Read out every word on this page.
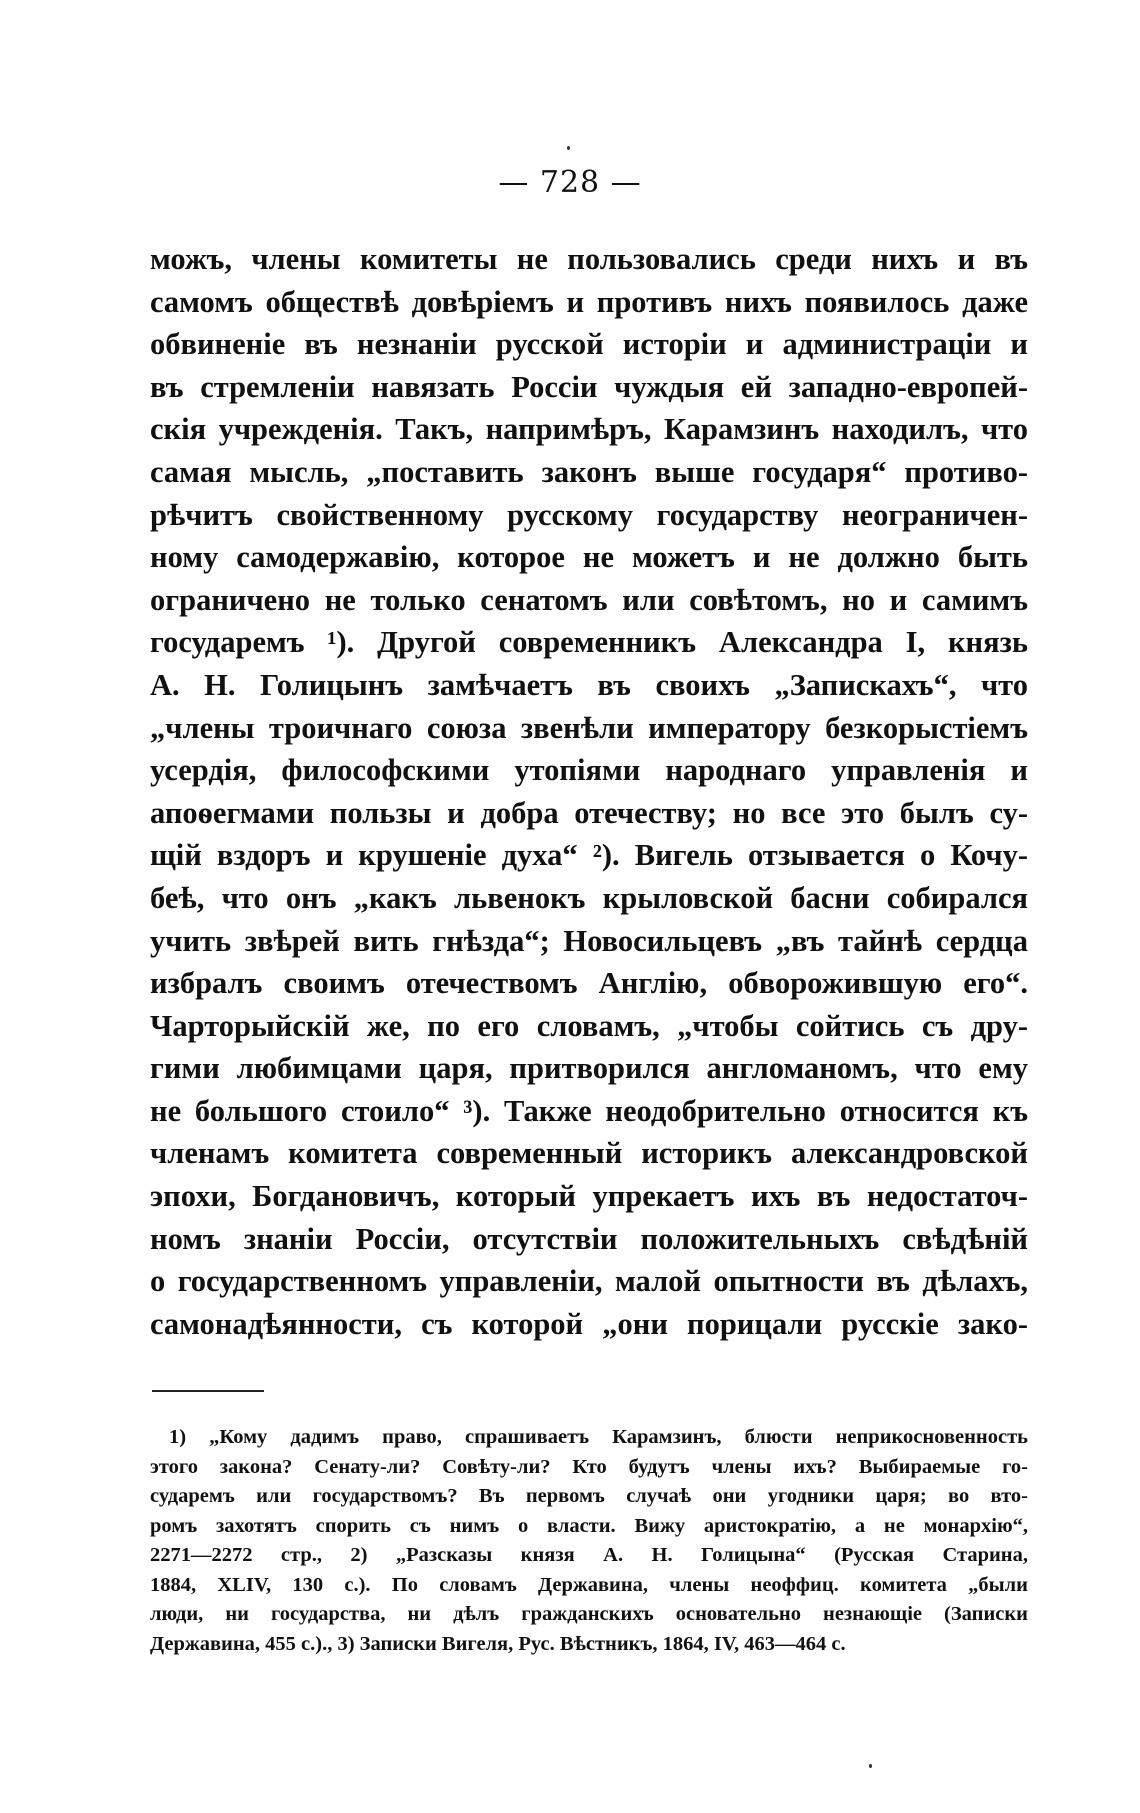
— 728 —
можъ, члены комитеты не пользовались среди нихъ и въ
самомъ обществѣ довѣріемъ и противъ нихъ появилось даже
обвиненіе въ незнаніи русской исторіи и администраціи и
въ стремленіи навязать Россіи чуждыя ей западно-европей-
скія учрежденія. Такъ, напримѣръ, Карамзинъ находилъ, что
самая мысль, „поставить законъ выше государя“ противо-
рѣчитъ свойственному русскому государству неограничен-
ному самодержавію, которое не можетъ и не должно быть
ограничено не только сенатомъ или совѣтомъ, но и самимъ
государемъ ¹). Другой современникъ Александра I, князь
А. Н. Голицынъ замѣчаетъ въ своихъ „Запискахъ“, что
„члены троичнаго союза звенѣли императору безкорыстіемъ
усердія, философскими утопіями народнаго управленія и
апоѳегмами пользы и добра отечеству; но все это былъ су-
щій вздоръ и крушеніе духа“ ²). Вигель отзывается о Кочу-
беѣ, что онъ „какъ львенокъ крыловской басни собирался
учить звѣрей вить гнѣзда“; Новосильцевъ „въ тайнѣ сердца
избралъ своимъ отечествомъ Англію, обворожившую его“.
Чарторыйскій же, по его словамъ, „чтобы сойтись съ дру-
гими любимцами царя, притворился англоманомъ, что ему
не большого стоило“ ³). Также неодобрительно относится къ
членамъ комитета современный историкъ александровской
эпохи, Богдановичъ, который упрекаетъ ихъ въ недостаточ-
номъ знаніи Россіи, отсутствіи положительныхъ свѣдѣній
о государственномъ управленіи, малой опытности въ дѣлахъ,
самонадѣянности, съ которой „они порицали русскіе зако-
1) „Кому дадимъ право, спрашиваетъ Карамзинъ, блюсти неприкосновенность
этого закона? Сенату-ли? Совѣту-ли? Кто будутъ члены ихъ? Выбираемые го-
сударемъ или государствомъ? Въ первомъ случаѣ они угодники царя; во вто-
ромъ захотятъ спорить съ нимъ о власти. Вижу аристократію, а не монархію“,
2271—2272 стр., 2) „Разсказы князя А. Н. Голицына“ (Русская Старина,
1884, XLIV, 130 с.). По словамъ Державина, члены неоффиц. комитета „были
люди, ни государства, ни дѣлъ гражданскихъ основательно незнающіе (Записки
Державина, 455 с.)., 3) Записки Вигеля, Рус. Вѣстникъ, 1864, IV, 463—464 с.
